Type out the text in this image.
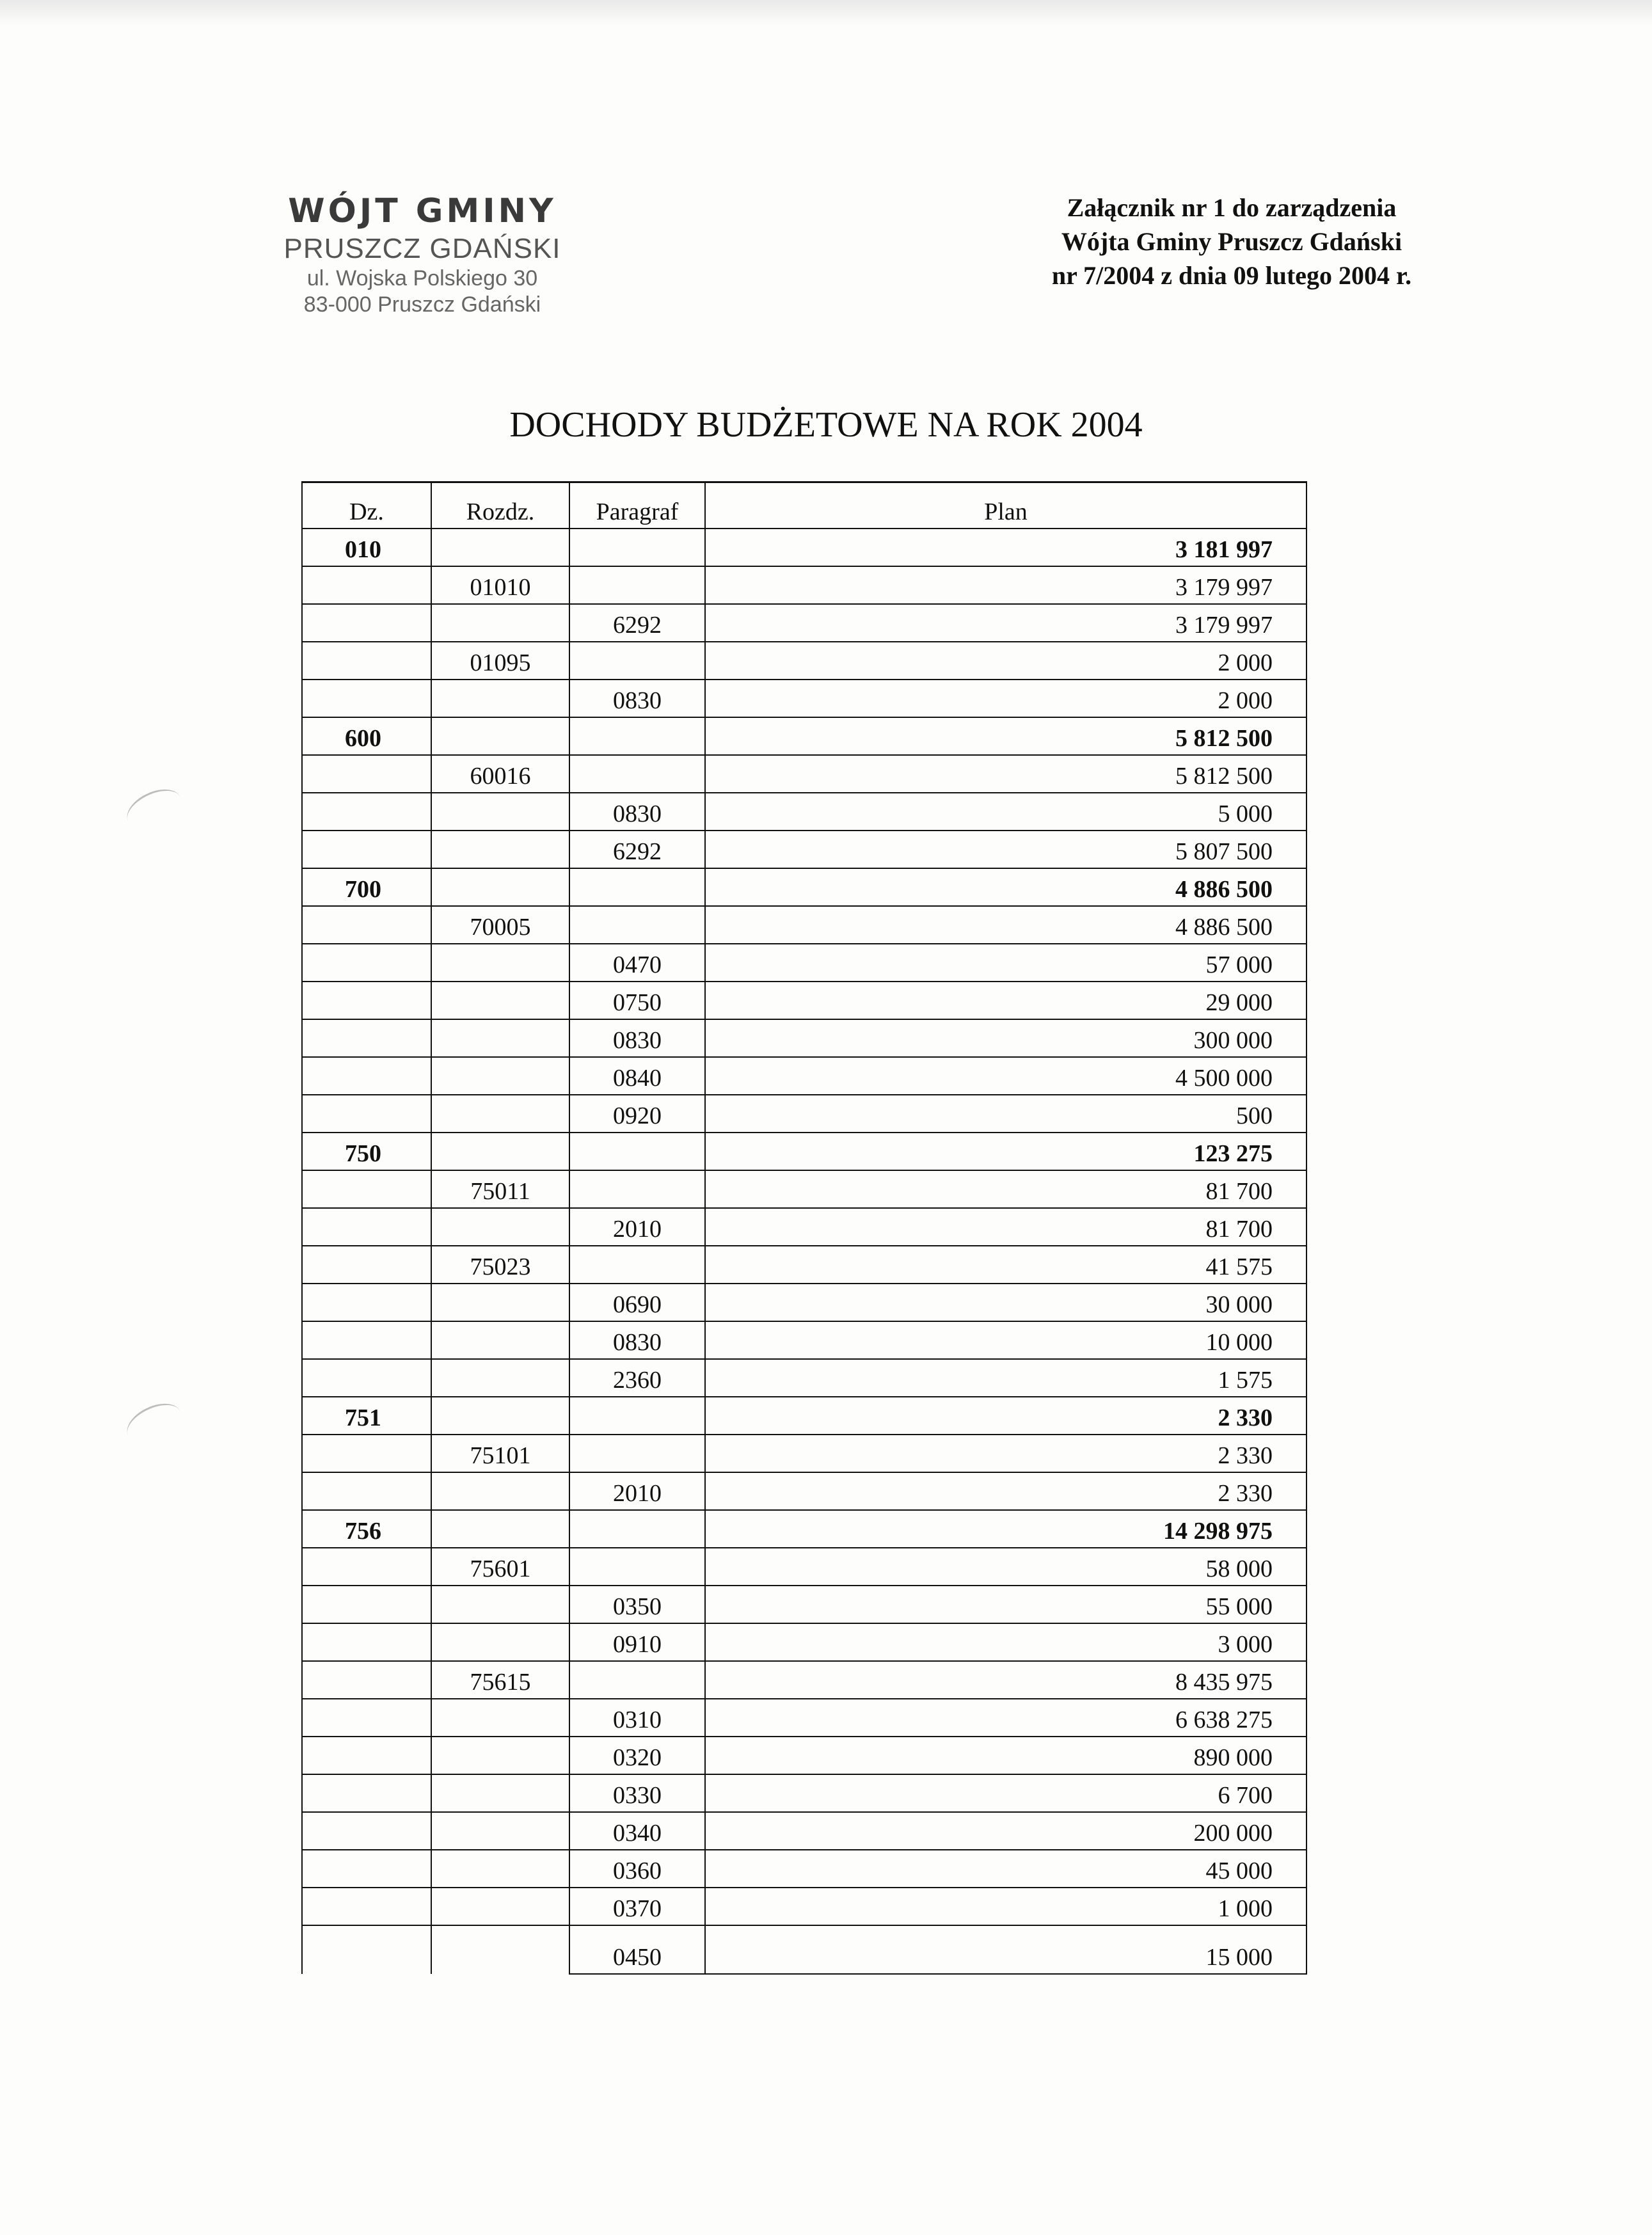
WÓJT GMINY
PRUSZCZ GDAŃSKI
ul. Wojska Polskiego 30
83-000 Pruszcz Gdański
Załącznik nr 1 do zarządzenia
Wójta Gminy Pruszcz Gdański
nr 7/2004 z dnia 09 lutego 2004 r.
DOCHODY BUDŻETOWE NA ROK 2004
Dz.	Rozdz.	Paragraf	Plan
010			3 181 997
	01010		3 179 997
		6292	3 179 997
	01095		2 000
		0830	2 000
600			5 812 500
	60016		5 812 500
		0830	5 000
		6292	5 807 500
700			4 886 500
	70005		4 886 500
		0470	57 000
		0750	29 000
		0830	300 000
		0840	4 500 000
		0920	500
750			123 275
	75011		81 700
		2010	81 700
	75023		41 575
		0690	30 000
		0830	10 000
		2360	1 575
751			2 330
	75101		2 330
		2010	2 330
756			14 298 975
	75601		58 000
		0350	55 000
		0910	3 000
	75615		8 435 975
		0310	6 638 275
		0320	890 000
		0330	6 700
		0340	200 000
		0360	45 000
		0370	1 000
		0450	15 000
